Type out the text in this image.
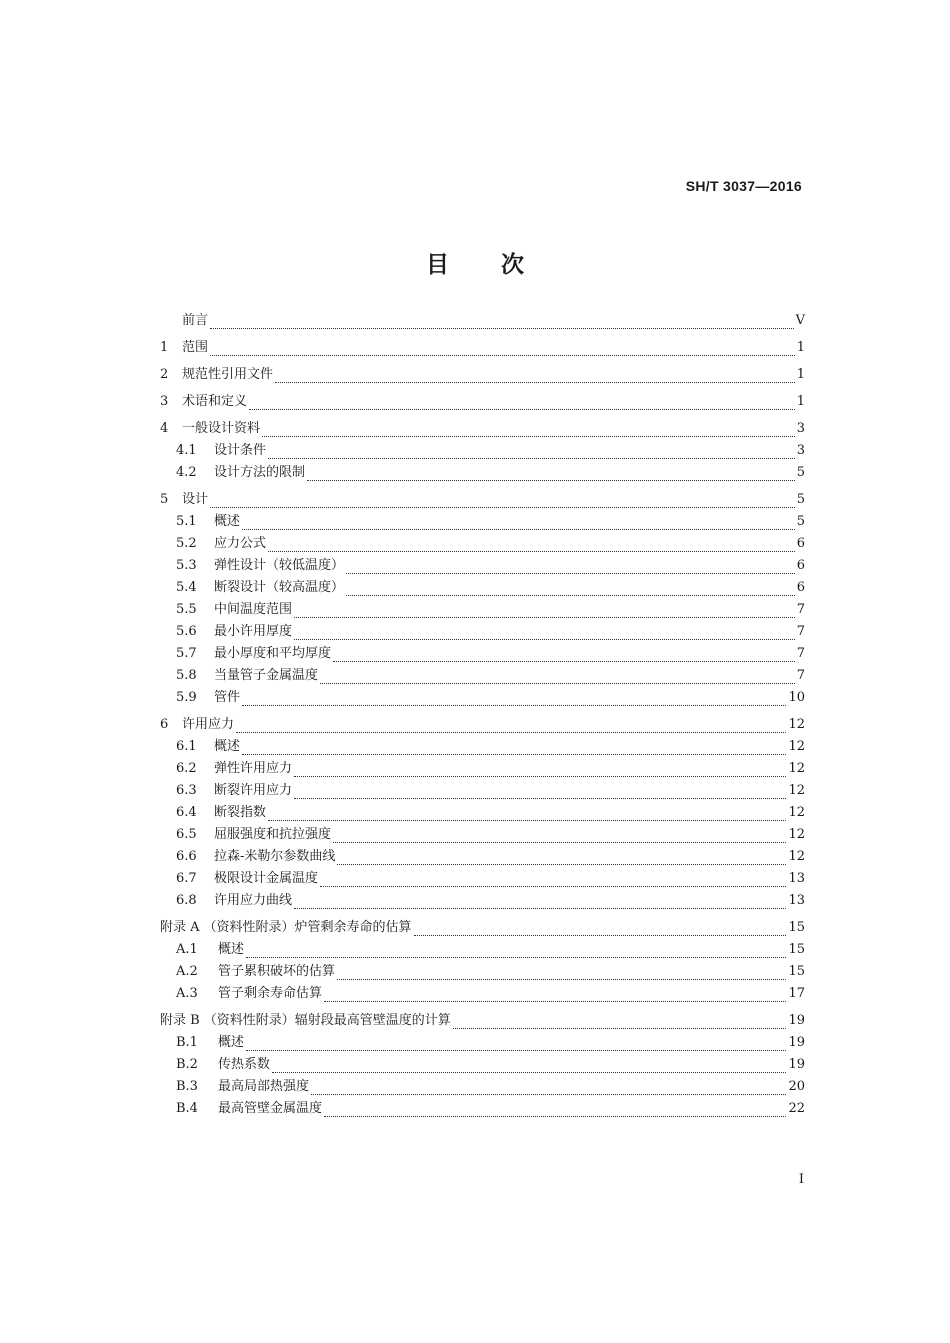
SH/T 3037—2016
目 次
前言	V
1	范围	1
2	规范性引用文件	1
3	术语和定义	1
4	一般设计资料	3
4.1	设计条件	3
4.2	设计方法的限制	5
5	设计	5
5.1	概述	5
5.2	应力公式	6
5.3	弹性设计（较低温度）	6
5.4	断裂设计（较高温度）	6
5.5	中间温度范围	7
5.6	最小许用厚度	7
5.7	最小厚度和平均厚度	7
5.8	当量管子金属温度	7
5.9	管件	10
6	许用应力	12
6.1	概述	12
6.2	弹性许用应力	12
6.3	断裂许用应力	12
6.4	断裂指数	12
6.5	屈服强度和抗拉强度	12
6.6	拉森-米勒尔参数曲线	12
6.7	极限设计金属温度	13
6.8	许用应力曲线	13
附录 A （资料性附录）炉管剩余寿命的估算	15
A.1	概述	15
A.2	管子累积破坏的估算	15
A.3	管子剩余寿命估算	17
附录 B （资料性附录）辐射段最高管壁温度的计算	19
B.1	概述	19
B.2	传热系数	19
B.3	最高局部热强度	20
B.4	最高管壁金属温度	22
I
